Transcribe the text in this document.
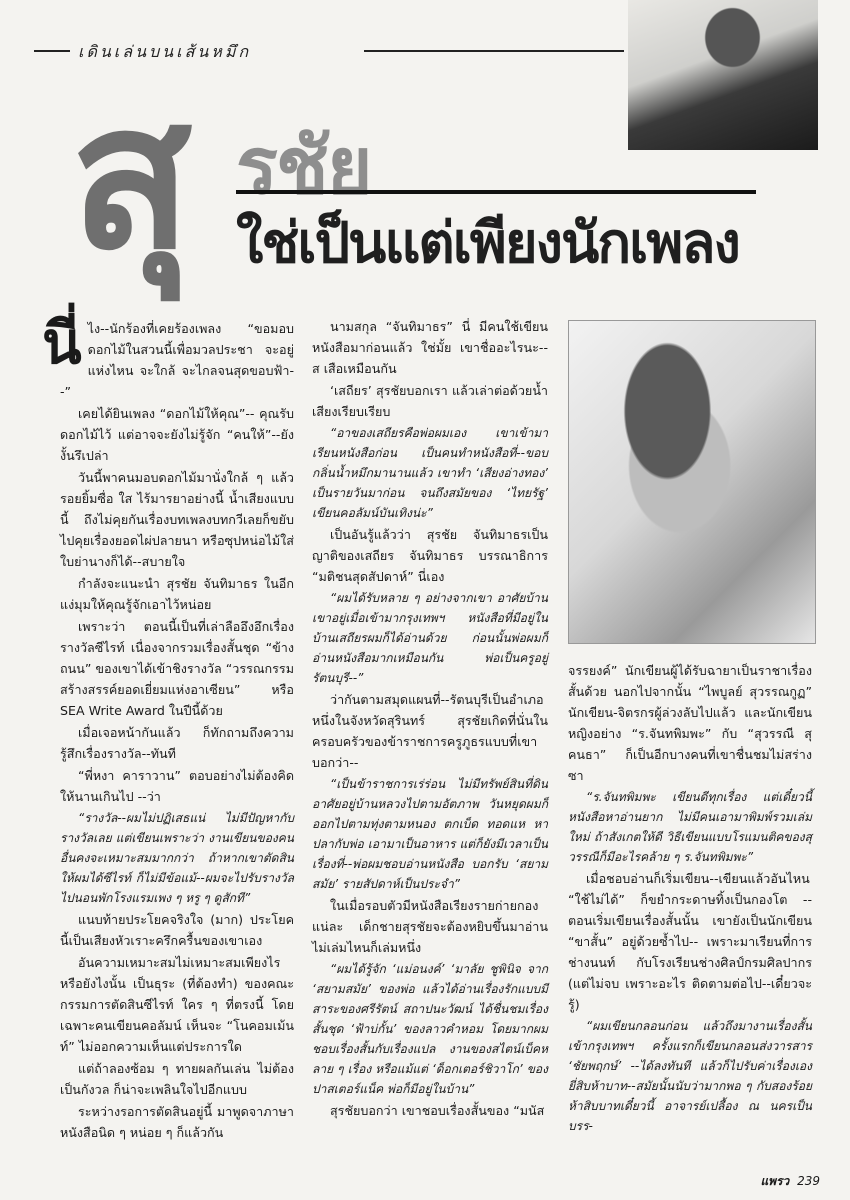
เดินเล่นบนเส้นหมึก
สุ รชัย
ใช่เป็นแต่เพียงนักเพลง

นี่ไง--นักร้องที่เคยร้องเพลง “ขอมอบดอกไม้ในสวนนี้เพื่อมวลประชา จะอยู่แห่งไหน จะใกล้ จะไกลจนสุดขอบฟ้า--”

เคยได้ยินเพลง “ดอกไม้ให้คุณ”-- คุณรับดอกไม้ไว้ แต่อาจจะยังไม่รู้จัก “คนให้”--ยังงั้นรึเปล่า

วันนี้พาคนมอบดอกไม้มานั่งใกล้ ๆ แล้ว รอยยิ้มซื่อ ใส ไร้มารยาอย่างนี้ น้ำเสียงแบบนี้ ถึงไม่คุยกันเรื่องบทเพลงบทกวีเลยก็ขยับไปคุยเรื่องยอดไผ่ปลายนา หรือซุปหน่อไม้ใส่ใบย่านางก็ได้--สบายใจ

กำลังจะแนะนำ สุรชัย จันทิมาธร ในอีกแง่มุมให้คุณรู้จักเอาไว้หน่อย

เพราะว่า ตอนนี้เป็นที่เล่าลืออึงอึกเรื่องรางวัลซีไรท์ เนื่องจากรวมเรื่องสั้นชุด “ข้างถนน” ของเขาได้เข้าชิงรางวัล “วรรณกรรมสร้างสรรค์ยอดเยี่ยมแห่งอาเซียน” หรือ SEA Write Award ในปีนี้ด้วย

เมื่อเจอหน้ากันแล้ว ก็ทักถามถึงความรู้สึกเรื่องรางวัล--ทันที

“พี่หงา คาราวาน” ตอบอย่างไม่ต้องคิดให้นานเกินไป --ว่า

“รางวัล--ผมไม่ปฏิเสธแน่ ไม่มีปัญหากับรางวัลเลย แต่เขียนเพราะว่า งานเขียนของคนอื่นคงจะเหมาะสมมากกว่า ถ้าหากเขาตัดสินให้ผมได้ซีไรท์ ก็ไม่มีข้อแม้--ผมจะไปรับรางวัล ไปนอนพักโรงแรมเพง ๆ หรู ๆ ดูสักที”

แนบท้ายประโยคจริงใจ (มาก) ประโยคนี้เป็นเสียงหัวเราะครึกครื้นของเขาเอง

อันความเหมาะสมไม่เหมาะสมเพียงไรหรือยังไงนั้น เป็นธุระ (ที่ต้องทำ) ของคณะกรรมการตัดสินซีไรท์ ใคร ๆ ที่ตรงนี้ โดยเฉพาะคนเขียนคอลัมน์ เห็นจะ “โนคอมเม้นท์” ไม่ออกความเห็นแต่ประการใด

แต่ถ้าลองซ้อม ๆ ทายผลกันเล่น ไม่ต้องเป็นกังวล ก็น่าจะเพลินใจไปอีกแบบ

ระหว่างรอการตัดสินอยู่นี้ มาพูดจาภาษาหนังสือนิด ๆ หน่อย ๆ ก็แล้วกัน

นามสกุล “จันทิมาธร” นี่ มีคนใช้เขียนหนังสือมาก่อนแล้ว ใช่มั้ย เขาชื่ออะไรนะ-- ส เสือเหมือนกัน

‘เสถียร’ สุรชัยบอกเรา แล้วเล่าต่อด้วยน้ำเสียงเรียบเรียบ

“อาของเสถียรคือพ่อผมเอง เขาเข้ามาเรียนหนังสือก่อน เป็นคนทำหนังสือที่--ขอบกลิ่นน้ำหมึกมานานแล้ว เขาทำ ‘เสียงอ่างทอง’ เป็นรายวันมาก่อน จนถึงสมัยของ ‘ไทยรัฐ’ เขียนคอลัมน์บันเทิงน่ะ”

เป็นอันรู้แล้วว่า สุรชัย จันทิมาธรเป็นญาติของเสถียร จันทิมาธร บรรณาธิการ “มติชนสุดสัปดาห์” นี่เอง

“ผมได้รับหลาย ๆ อย่างจากเขา อาศัยบ้านเขาอยู่เมื่อเข้ามากรุงเทพฯ หนังสือที่มีอยู่ในบ้านเสถียรผมก็ได้อ่านด้วย ก่อนนั้นพ่อผมก็อ่านหนังสือมากเหมือนกัน พ่อเป็นครูอยู่รัตนบุรี--”

ว่ากันตามสมุดแผนที่--รัตนบุรีเป็นอำเภอหนึ่งในจังหวัดสุรินทร์ สุรชัยเกิดที่นั่นในครอบครัวของข้าราชการครูภูธรแบบที่เขาบอกว่า--

“เป็นข้าราชการเร่ร่อน ไม่มีทรัพย์สินที่ดิน อาศัยอยู่บ้านหลวงไปตามอัตภาพ วันหยุดผมก็ออกไปตามทุ่งตามหนอง ตกเบ็ด ทอดแห หาปลากับพ่อ เอามาเป็นอาหาร แต่ก็ยังมีเวลาเป็นเรื่องที่--พ่อผมชอบอ่านหนังสือ บอกรับ ‘สยามสมัย’ รายสัปดาห์เป็นประจำ”

ในเมื่อรอบตัวมีหนังสือเรียงรายก่ายกองแน่ละ เด็กชายสุรชัยจะต้องหยิบขึ้นมาอ่านไม่เล่มไหนก็เล่มหนึ่ง

“ผมได้รู้จัก ‘แม่อนงค์’ ‘มาลัย ชูพินิจ จาก ‘สยามสมัย’ ของพ่อ แล้วได้อ่านเรื่องรักแบบมีสาระของศรีรัตน์ สถาปนะวัฒน์ ได้ชื่นชมเรื่องสั้นชุด ‘ฟ้าบ่กั้น’ ของลาวคำหอม โดยมากผมชอบเรื่องสั้นกับเรื่องแปล งานของสไตน์เบ็คหลาย ๆ เรื่อง หรือแม้แต่ ‘ด็อกเตอร์ชิวาโก’ ของปาสเตอร์แน็ค พ่อก็มีอยู่ในบ้าน”

สุรชัยบอกว่า เขาชอบเรื่องสั้นของ “มนัส

จรรยงค์” นักเขียนผู้ได้รับฉายาเป็นราชาเรื่องสั้นด้วย นอกไปจากนั้น “ไพบูลย์ สุวรรณกูฏ” นักเขียน-จิตรกรผู้ล่วงลับไปแล้ว และนักเขียนหญิงอย่าง “ร.จันทพิมพะ” กับ “สุวรรณี สุคนธา” ก็เป็นอีกบางคนที่เขาชื่นชมไม่สร่างซา

“ร.จันทพิมพะ เขียนดีทุกเรื่อง แต่เดี๋ยวนี้หนังสือหาอ่านยาก ไม่มีคนเอามาพิมพ์รวมเล่มใหม่ ถ้าสังเกตให้ดี วิธีเขียนแบบโรแมนติคของสุวรรณีก็มีอะไรคล้าย ๆ ร.จันทพิมพะ”

เมื่อชอบอ่านก็เริ่มเขียน--เขียนแล้วอันไหน “ใช้ไม่ได้” ก็ขยำกระดาษทิ้งเป็นกองโต --ตอนเริ่มเขียนเรื่องสั้นนั้น เขายังเป็นนักเขียน “ขาสั้น” อยู่ด้วยซ้ำไป-- เพราะมาเรียนที่การช่างนนท์ กับโรงเรียนช่างศิลป์กรมศิลปากร (แต่ไม่จบ เพราะอะไร ติดตามต่อไป--เดี๋ยวจะรู้)

“ผมเขียนกลอนก่อน แล้วถึงมางานเรื่องสั้น เข้ากรุงเทพฯ ครั้งแรกก็เขียนกลอนส่งวารสาร ‘ชัยพฤกษ์’ --ได้ลงทันที แล้วก็ไปรับค่าเรื่องเองยี่สิบห้าบาท--สมัยนั้นนับว่ามากพอ ๆ กับสองร้อยห้าสิบบาทเดี๋ยวนี้ อาจารย์เปลื้อง ณ นครเป็นบรร-

แพรว 239
